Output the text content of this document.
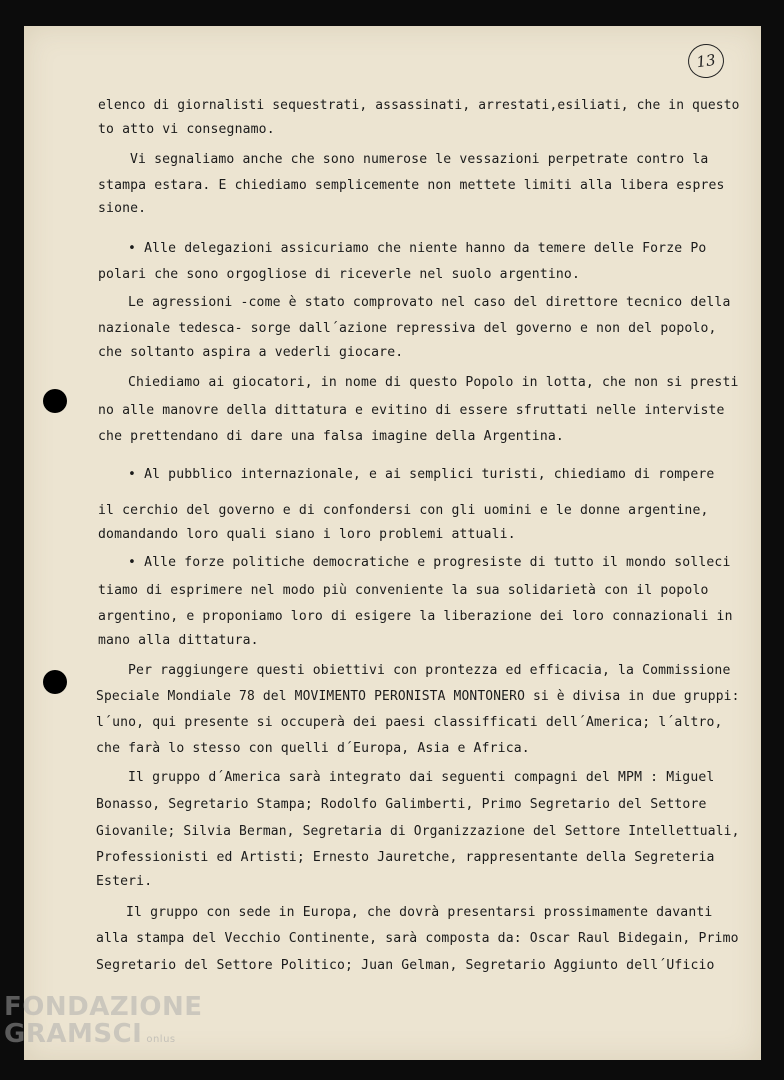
13
elenco di giornalisti sequestrati, assassinati, arrestati,esiliati, che in questo
to atto vi consegnamo.
Vi segnaliamo anche che sono numerose le vessazioni perpetrate contro la
stampa estara. E chiediamo semplicemente non mettete limiti alla libera espres
sione.
• Alle delegazioni assicuriamo che niente hanno da temere delle Forze Po
polari che sono orgogliose di riceverle nel suolo argentino.
Le agressioni -come è stato comprovato nel caso del direttore tecnico della
nazionale tedesca- sorge dall´azione repressiva del governo e non del popolo,
che soltanto aspira a vederli giocare.
Chiediamo ai giocatori, in nome di questo Popolo in lotta, che non si presti
no alle manovre della dittatura e evitino di essere sfruttati nelle interviste
che prettendano di dare una falsa imagine della Argentina.
• Al pubblico internazionale, e ai semplici turisti, chiediamo di rompere
il cerchio del governo e di confondersi con gli uomini e le donne argentine,
domandando loro quali siano i loro problemi attuali.
• Alle forze politiche democratiche e progresiste di tutto il mondo solleci
tiamo di esprimere nel modo più conveniente la sua solidarietà con il popolo
argentino, e proponiamo loro di esigere la liberazione dei loro connazionali in
mano alla dittatura.
Per raggiungere questi obiettivi con prontezza ed efficacia, la Commissione
Speciale Mondiale 78 del MOVIMENTO PERONISTA MONTONERO si è divisa in due gruppi:
l´uno, qui presente si occuperà dei paesi classifficati dell´America; l´altro,
che farà lo stesso con quelli d´Europa, Asia e Africa.
Il gruppo d´America sarà integrato dai seguenti compagni del MPM : Miguel
Bonasso, Segretario Stampa; Rodolfo Galimberti, Primo Segretario del Settore
Giovanile; Silvia Berman, Segretaria di Organizzazione del Settore Intellettuali,
Professionisti ed Artisti; Ernesto Jauretche, rappresentante della Segreteria
Esteri.
Il gruppo con sede in Europa, che dovrà presentarsi prossimamente davanti
alla stampa del Vecchio Continente, sarà composta da: Oscar Raul Bidegain, Primo
Segretario del Settore Politico; Juan Gelman, Segretario Aggiunto dell´Uficio
FONDAZIONE
GRAMSCI onlus
